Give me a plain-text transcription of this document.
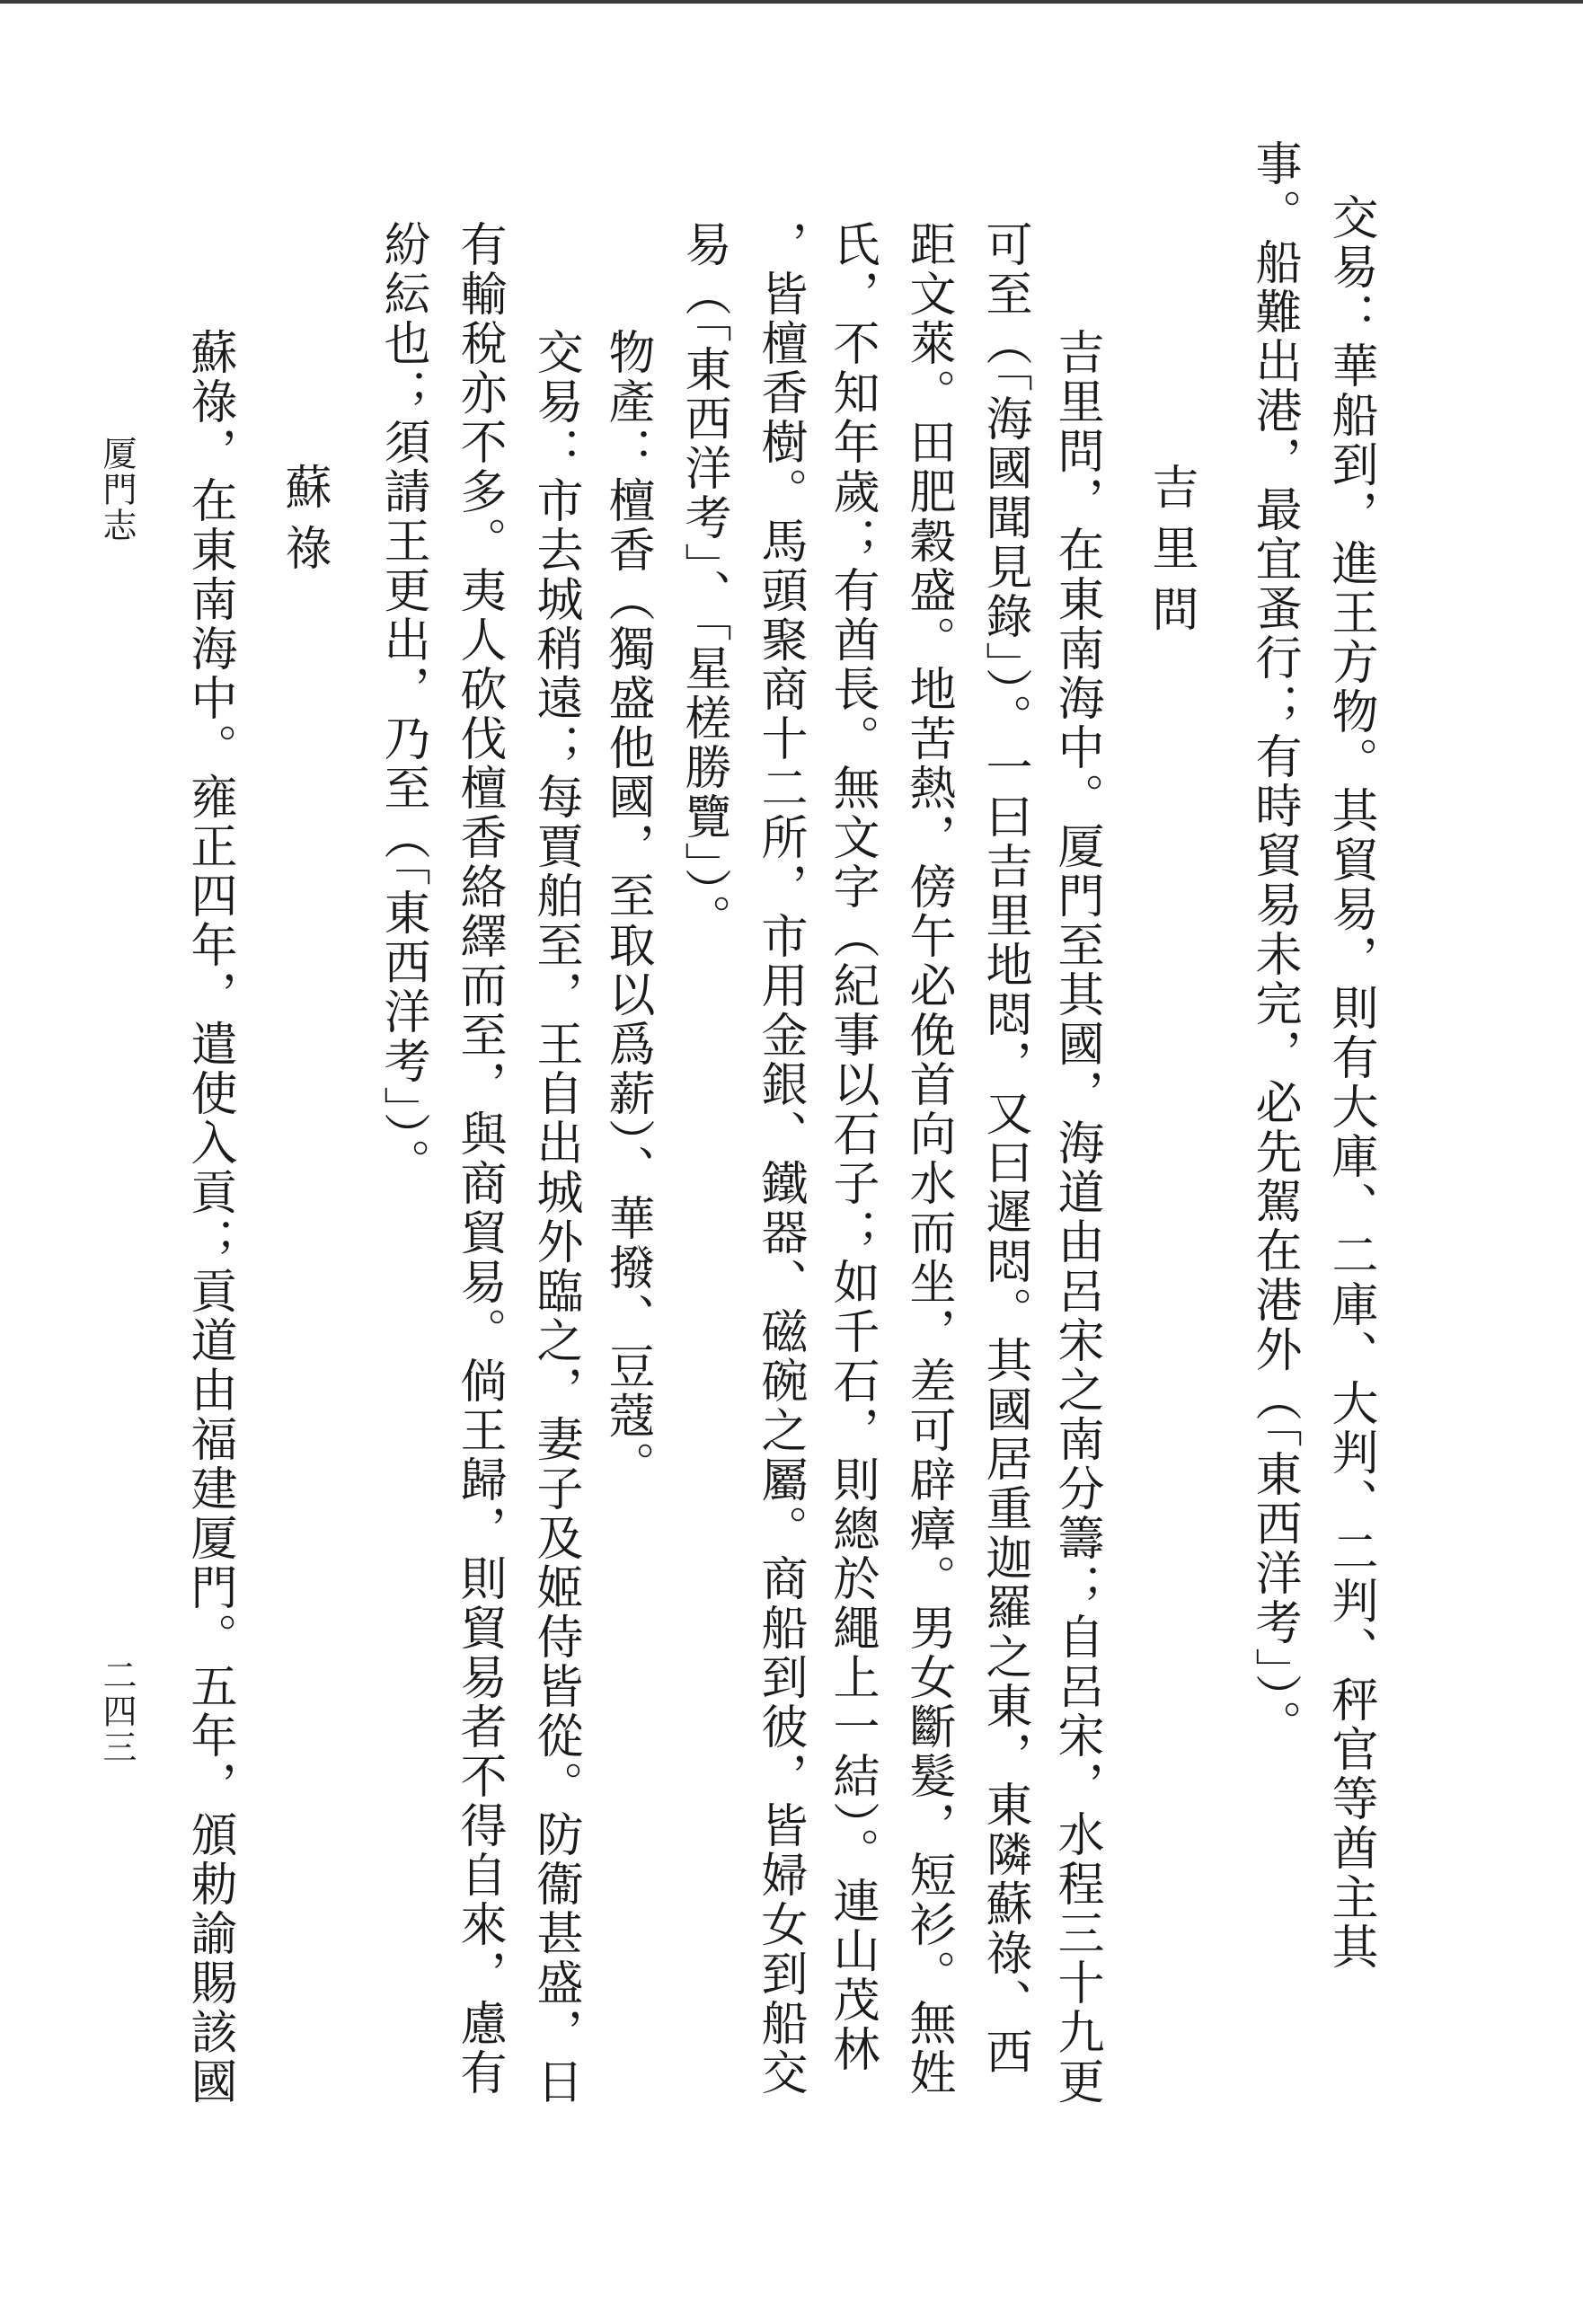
交易：華船到，進王方物。其貿易，則有大庫、二庫、大判、二判、秤官等酋主其
事。船難出港，最宜蚤行；有時貿易未完，必先駕在港外（「東西洋考」）。
吉里問
吉里問，在東南海中。厦門至其國，海道由呂宋之南分籌；自呂宋，水程三十九更
可至（「海國聞見錄」）。一曰吉里地悶，又曰遲悶。其國居重迦羅之東，東隣蘇祿、西
距文萊。田肥穀盛。地苦熱，傍午必俛首向水而坐，差可辟瘴。男女斷髮，短衫。無姓
氏，不知年歲；有酋長。無文字（紀事以石子；如千石，則總於繩上一結）。連山茂林
，皆檀香樹。馬頭聚商十二所，市用金銀、鐵器、磁碗之屬。商船到彼，皆婦女到船交
易（「東西洋考」、「星槎勝覽」）。
物產：檀香（獨盛他國，至取以爲薪）、華撥、豆蔻。
交易：市去城稍遠；每賈舶至，王自出城外臨之，妻子及姬侍皆從。防衞甚盛，日
有輸稅亦不多。夷人砍伐檀香絡繹而至，與商貿易。倘王歸，則貿易者不得自來，慮有
紛紜也；須請王更出，乃至（「東西洋考」）。
蘇祿
蘇祿，在東南海中。雍正四年，遣使入貢；貢道由福建厦門。五年，頒勅諭賜該國
厦門志
二四三
